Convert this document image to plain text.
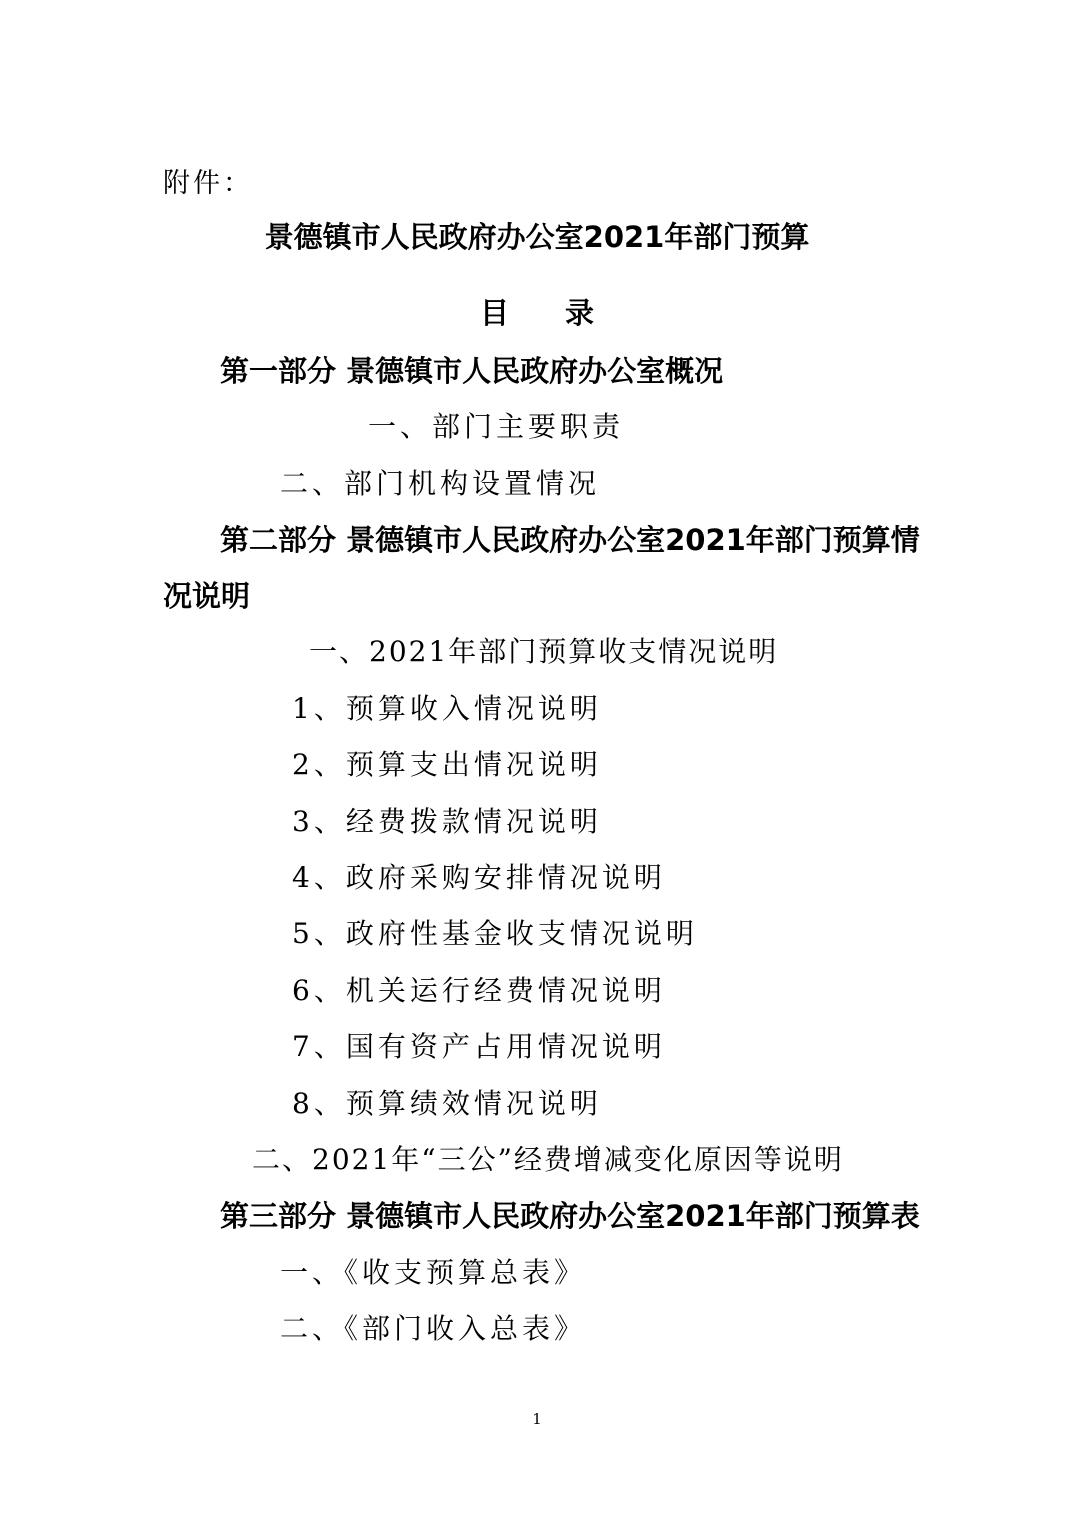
附件：
景德镇市人民政府办公室2021年部门预算
目 录
第一部分 景德镇市人民政府办公室概况
一、部门主要职责
二、部门机构设置情况
第二部分 景德镇市人民政府办公室2021年部门预算情
况说明
一、2021年部门预算收支情况说明
1、预算收入情况说明
2、预算支出情况说明
3、经费拨款情况说明
4、政府采购安排情况说明
5、政府性基金收支情况说明
6、机关运行经费情况说明
7、国有资产占用情况说明
8、预算绩效情况说明
二、2021年“三公”经费增减变化原因等说明
第三部分 景德镇市人民政府办公室2021年部门预算表
一、《收支预算总表》
二、《部门收入总表》
1
